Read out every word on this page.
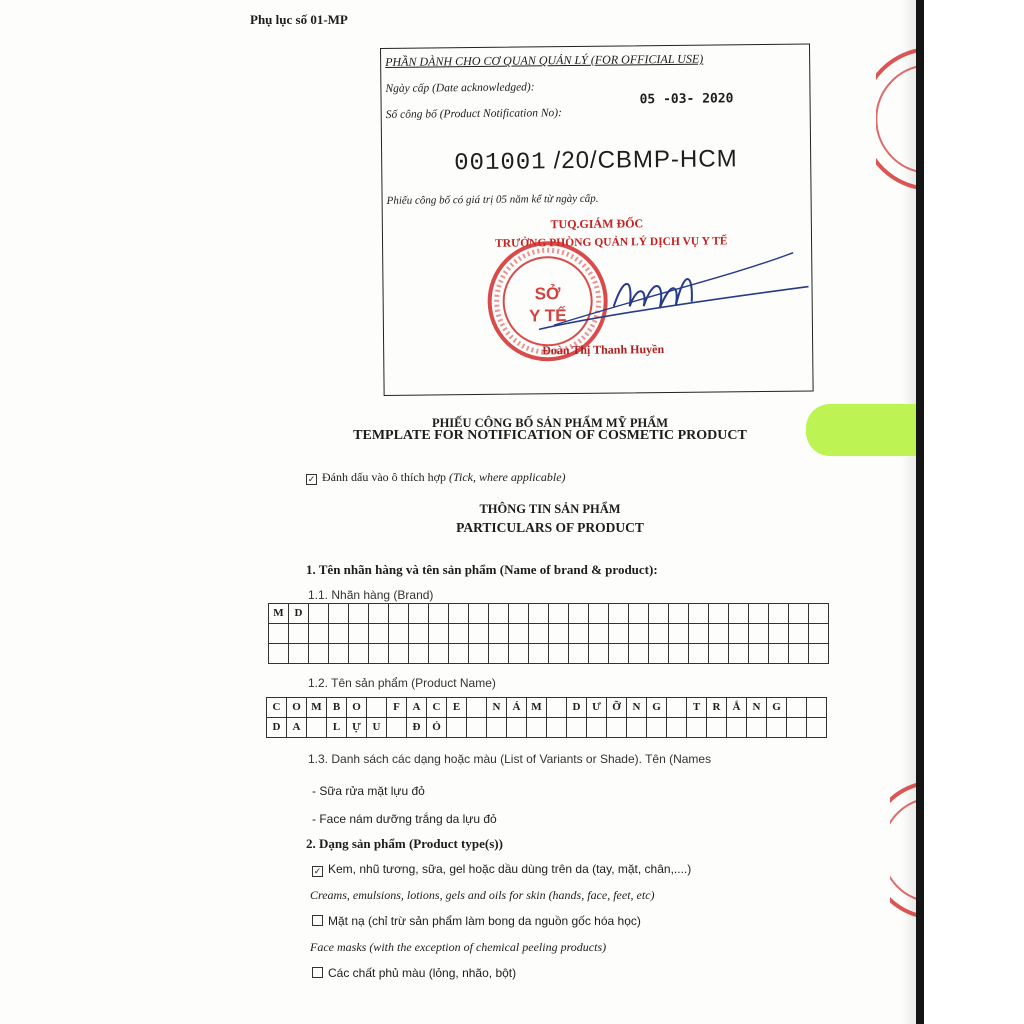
Phụ lục số 01-MP
PHẦN DÀNH CHO CƠ QUAN QUẢN LÝ (FOR OFFICIAL USE)
Ngày cấp (Date acknowledged):
05 -03- 2020
Số công bố (Product Notification No):
001001 /20/CBMP-HCM
Phiếu công bố có giá trị 05 năm kể từ ngày cấp.
TUQ.GIÁM ĐỐC
TRƯỞNG PHÒNG QUẢN LÝ DỊCH VỤ Y TẾ
SỞ
Y TẾ
Đoàn Thị Thanh Huyền
PHIẾU CÔNG BỐ SẢN PHẨM MỸ PHẨM
TEMPLATE FOR NOTIFICATION OF COSMETIC PRODUCT
✓ Đánh dấu vào ô thích hợp (Tick, where applicable)
THÔNG TIN SẢN PHẨM
PARTICULARS OF PRODUCT
1. Tên nhãn hàng và tên sản phẩm (Name of brand & product):
1.1. Nhãn hàng (Brand)
M D
1.2. Tên sản phẩm (Product Name)
C	O M	B	O	F	A	C	E	N	Á M	D	Ư	Ỡ	N	G	T	R	Ắ	N	G
D	A	L	Ự	U	Đ	Ỏ
1.3. Danh sách các dạng hoặc màu (List of Variants or Shade). Tên (Names
- Sữa rửa mặt lựu đỏ
- Face nám dưỡng trắng da lựu đỏ
2. Dạng sản phẩm (Product type(s))
✓ Kem, nhũ tương, sữa, gel hoặc dầu dùng trên da (tay, mặt, chân,....)
Creams, emulsions, lotions, gels and oils for skin (hands, face, feet, etc)
Mặt nạ (chỉ trừ sản phẩm làm bong da nguồn gốc hóa học)
Face masks (with the exception of chemical peeling products)
Các chất phủ màu (lỏng, nhão, bột)
